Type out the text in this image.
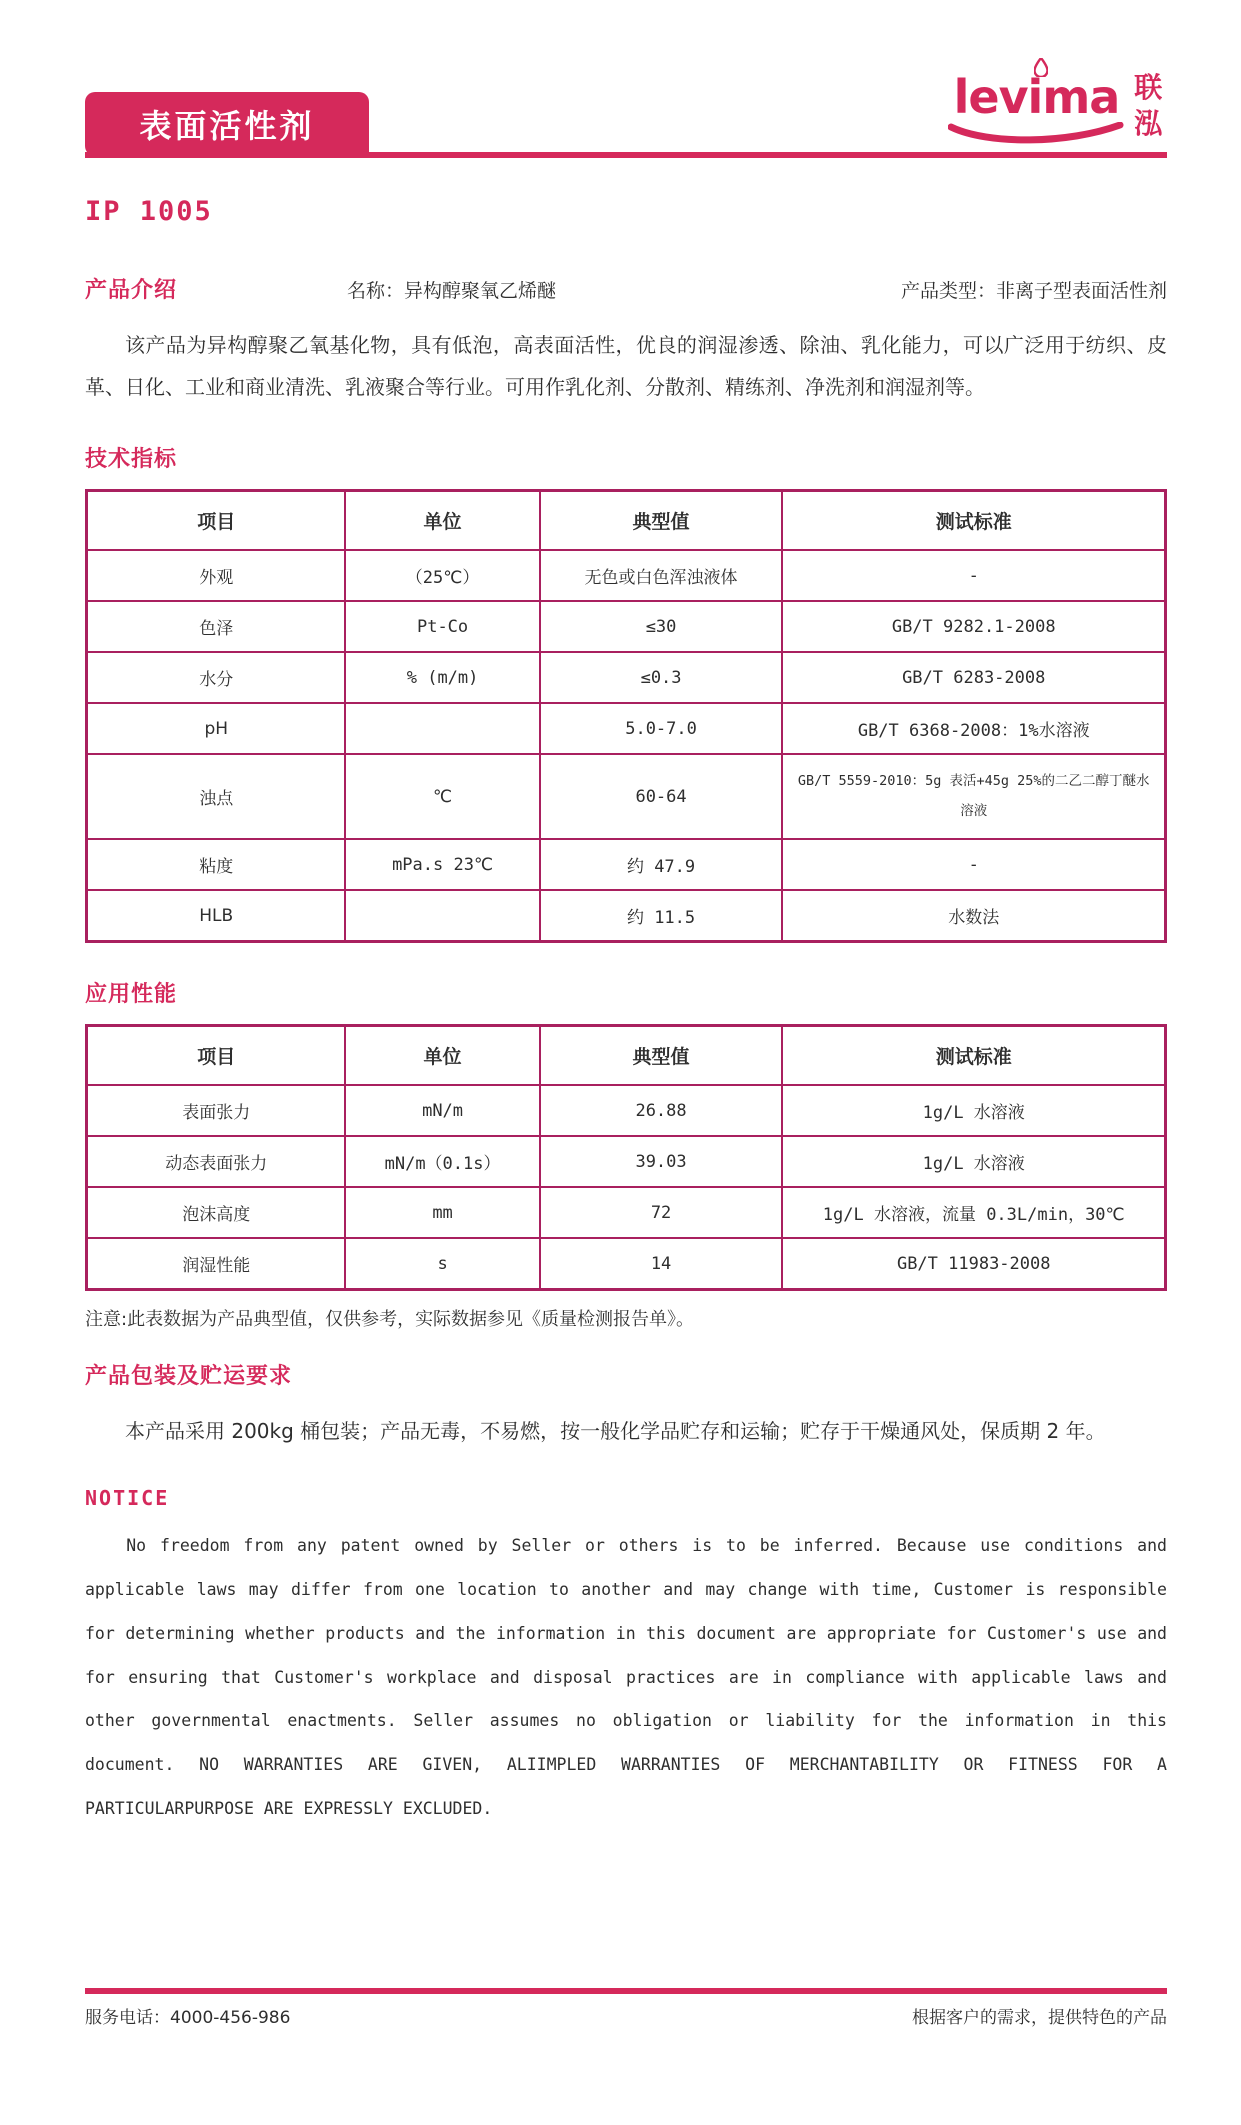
表面活性剂
levima 联泓
IP 1005
产品介绍	名称：异构醇聚氧乙烯醚	产品类型：非离子型表面活性剂

该产品为异构醇聚乙氧基化物，具有低泡，高表面活性，优良的润湿渗透、除油、乳化能力，可以广泛用于纺织、皮革、日化、工业和商业清洗、乳液聚合等行业。可用作乳化剂、分散剂、精练剂、净洗剂和润湿剂等。

技术指标
项目	单位	典型值	测试标准
外观	（25℃）	无色或白色浑浊液体	-
色泽	Pt-Co	≤30	GB/T 9282.1-2008
水分	% (m/m)	≤0.3	GB/T 6283-2008
pH		5.0-7.0	GB/T 6368-2008：1%水溶液
浊点	℃	60-64	GB/T 5559-2010：5g 表活+45g 25%的二乙二醇丁醚水溶液
粘度	mPa.s 23℃	约 47.9	-
HLB		约 11.5	水数法
应用性能
项目	单位	典型值	测试标准
表面张力	mN/m	26.88	1g/L 水溶液
动态表面张力	mN/m（0.1s）	39.03	1g/L 水溶液
泡沫高度	mm	72	1g/L 水溶液，流量 0.3L/min，30℃
润湿性能	s	14	GB/T 11983-2008

注意:此表数据为产品典型值，仅供参考，实际数据参见《质量检测报告单》。

产品包装及贮运要求

本产品采用 200kg 桶包装；产品无毒，不易燃，按一般化学品贮存和运输；贮存于干燥通风处，保质期 2 年。

NOTICE

No freedom from any patent owned by Seller or others is to be inferred. Because use conditions and applicable laws may differ from one location to another and may change with time, Customer is responsible for determining whether products and the information in this document are appropriate for Customer's use and for ensuring that Customer's workplace and disposal practices are in compliance with applicable laws and other governmental enactments. Seller assumes no obligation or liability for the information in this document. NO WARRANTIES ARE GIVEN, ALIIMPLED WARRANTIES OF MERCHANTABILITY OR FITNESS FOR A PARTICULARPURPOSE ARE EXPRESSLY EXCLUDED.

服务电话：4000-456-986	根据客户的需求，提供特色的产品
